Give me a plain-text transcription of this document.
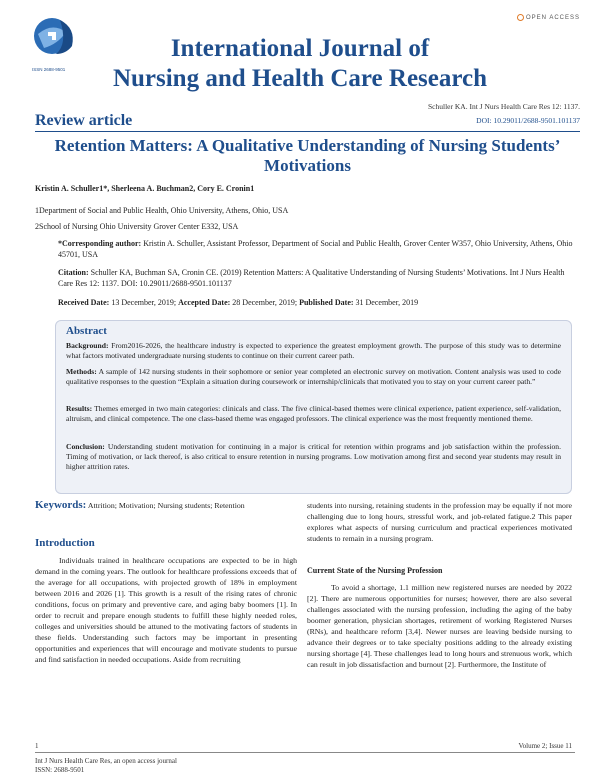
ISSN 2688-9501
OPEN ACCESS
International Journal of
Nursing and Health Care Research
Schuller KA. Int J Nurs Health Care Res 12: 1137.
DOI: 10.29011/2688-9501.101137
Review article
Retention Matters: A Qualitative Understanding of Nursing Students’
Motivations
Kristin A. Schuller1*, Sherleena A. Buchman2, Cory E. Cronin1
1Department of Social and Public Health, Ohio University, Athens, Ohio, USA
2School of Nursing Ohio University Grover Center E332, USA
*Corresponding author: Kristin A. Schuller, Assistant Professor, Department of Social and Public Health, Grover Center W357, Ohio University, Athens, Ohio 45701, USA
Citation: Schuller KA, Buchman SA, Cronin CE. (2019) Retention Matters: A Qualitative Understanding of Nursing Students’ Motivations. Int J Nurs Health Care Res 12: 1137. DOI: 10.29011/2688-9501.101137
Received Date: 13 December, 2019; Accepted Date: 28 December, 2019; Published Date: 31 December, 2019
Abstract
Background: From2016-2026, the healthcare industry is expected to experience the greatest employment growth. The purpose of this study was to determine what factors motivated undergraduate nursing students to continue on their current career path.
Methods: A sample of 142 nursing students in their sophomore or senior year completed an electronic survey on motivation. Content analysis was used to code qualitative responses to the question “Explain a situation during coursework or internship/clinicals that motivated you to stay on your current career path.”
Results: Themes emerged in two main categories: clinicals and class. The five clinical-based themes were clinical experience, patient experience, self-validation, altruism, and clinical competence. The one class-based theme was engaged professors. The clinical experience was the most frequently mentioned theme.
Conclusion: Understanding student motivation for continuing in a major is critical for retention within programs and job satisfaction within the profession. Timing of motivation, or lack thereof, is also critical to ensure retention in nursing programs. Low motivation among first and second year students may result in higher attrition rates.
Keywords: Attrition; Motivation; Nursing students; Retention
Introduction
Individuals trained in healthcare occupations are expected to be in high demand in the coming years. The outlook for healthcare professions exceeds that of the average for all occupations, with projected growth of 18% in employment between 2016 and 2026 [1]. This growth is a result of the rising rates of chronic conditions, focus on primary and preventive care, and aging baby boomers [1]. In order to recruit and prepare enough students to fulfill these highly needed roles, colleges and universities should be attuned to the motivating factors of students in these fields. Understanding such factors may be important in presenting opportunities and experiences that will encourage and motivate students to pursue and find satisfaction in needed occupations. Aside from recruiting
students into nursing, retaining students in the profession may be equally if not more challenging due to long hours, stressful work, and job-related fatigue.2 This paper explores what aspects of nursing curriculum and practical experiences motivated students to remain in a nursing program.
Current State of the Nursing Profession
To avoid a shortage, 1.1 million new registered nurses are needed by 2022 [2]. There are numerous opportunities for nurses; however, there are also several challenges associated with the nursing profession, including the aging of the baby boomer generation, physician shortages, retirement of working Registered Nurses (RNs), and healthcare reform [3,4]. Newer nurses are leaving bedside nursing to advance their degrees or to take specialty positions adding to the already existing nursing shortage [4]. These challenges lead to long hours and strenuous work, which can result in job dissatisfaction and burnout [2]. Furthermore, the Institute of
1	Volume 2; Issue 11
Int J Nurs Health Care Res, an open access journal
ISSN: 2688-9501
